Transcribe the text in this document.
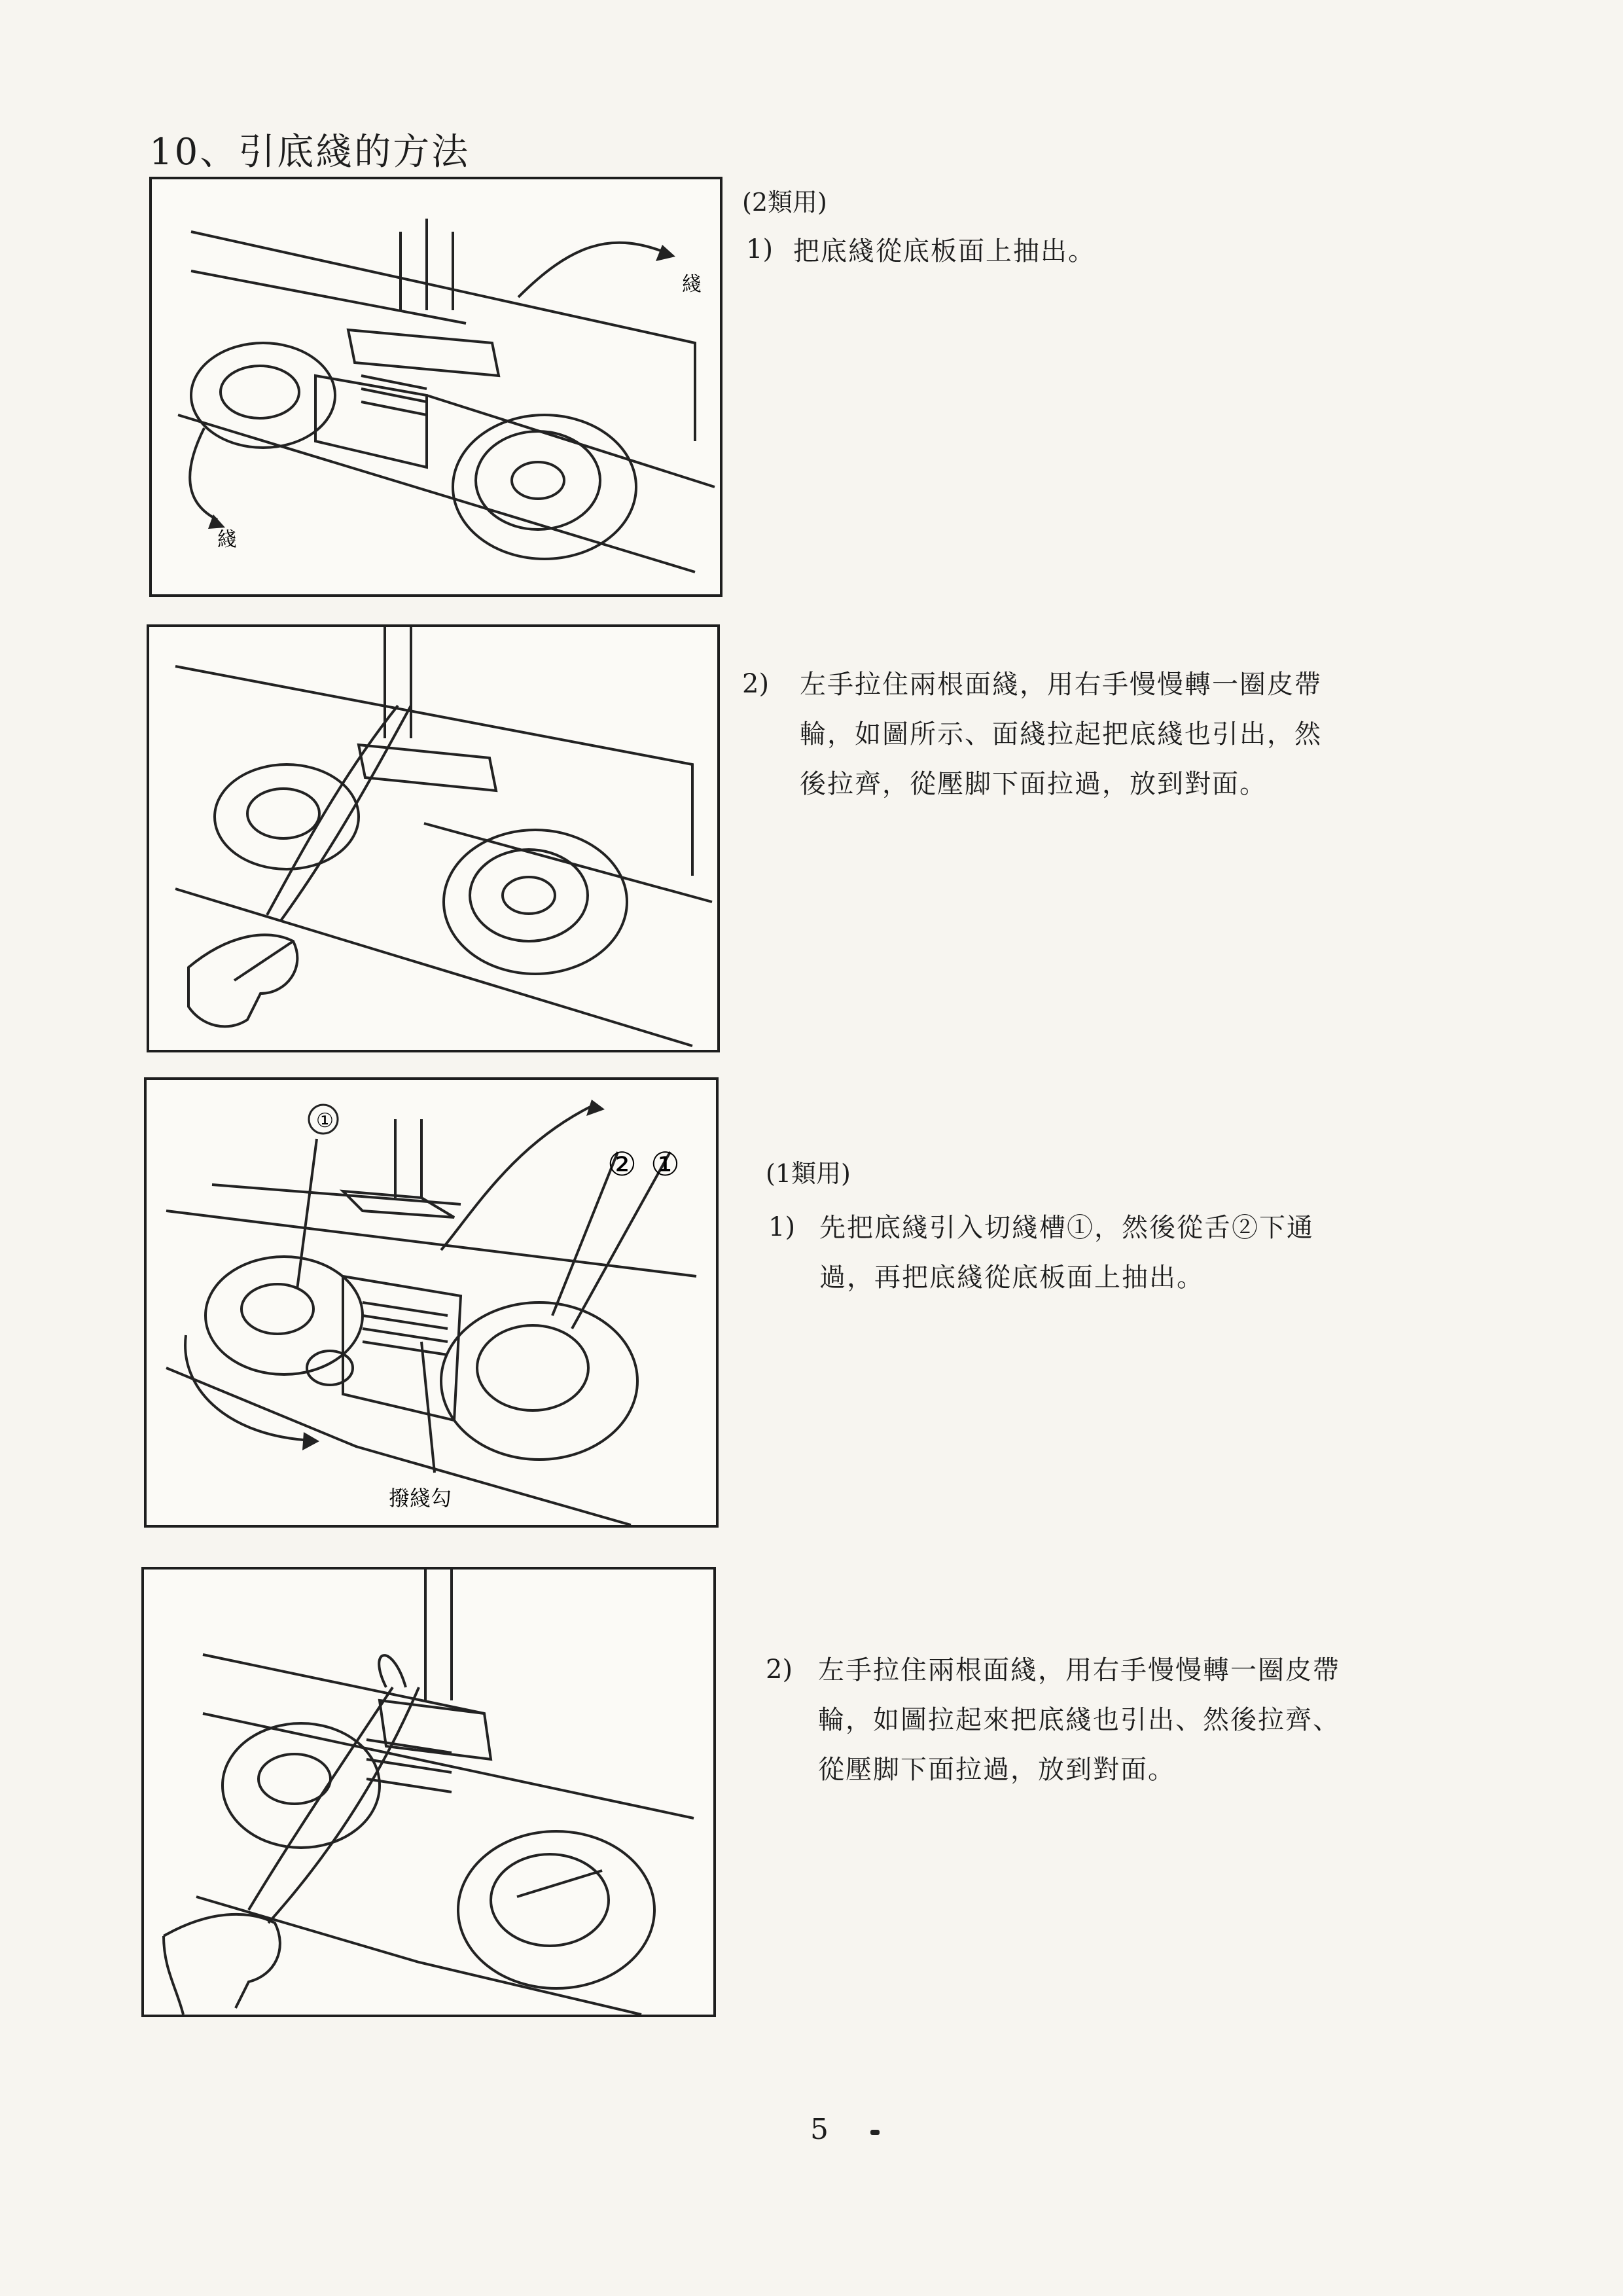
10、引底綫的方法
綫
綫
①
② ①
撥綫勾
(2類用)
1) 把底綫從底板面上抽出。
2) 左手拉住兩根面綫，用右手慢慢轉一圈皮帶
輪，如圖所示、面綫拉起把底綫也引出，然
後拉齊，從壓脚下面拉過，放到對面。
(1類用)
1) 先把底綫引入切綫槽①，然後從舌②下通
過，再把底綫從底板面上抽出。
2) 左手拉住兩根面綫，用右手慢慢轉一圈皮帶
輪，如圖拉起來把底綫也引出、然後拉齊、
從壓脚下面拉過，放到對面。
5
